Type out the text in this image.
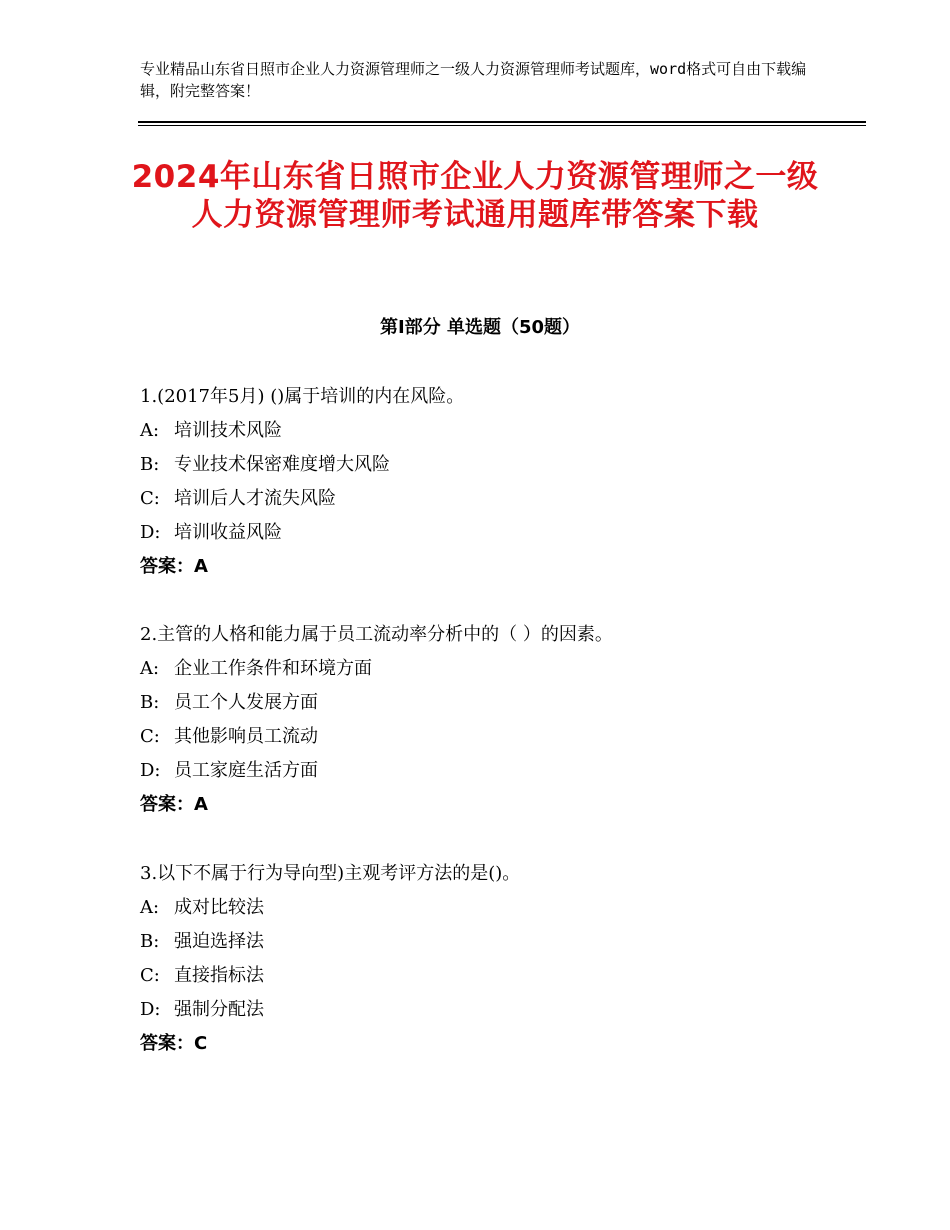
专业精品山东省日照市企业人力资源管理师之一级人力资源管理师考试题库，word格式可自由下载编辑，附完整答案！
2024年山东省日照市企业人力资源管理师之一级人力资源管理师考试通用题库带答案下载
第Ⅰ部分 单选题（50题）
1.(2017年5月) ()属于培训的内在风险。
A: 培训技术风险
B: 专业技术保密难度增大风险
C: 培训后人才流失风险
D: 培训收益风险
答案：A
2.主管的人格和能力属于员工流动率分析中的（ ）的因素。
A: 企业工作条件和环境方面
B: 员工个人发展方面
C: 其他影响员工流动
D: 员工家庭生活方面
答案：A
3.以下不属于行为导向型)主观考评方法的是()。
A: 成对比较法
B: 强迫选择法
C: 直接指标法
D: 强制分配法
答案：C
